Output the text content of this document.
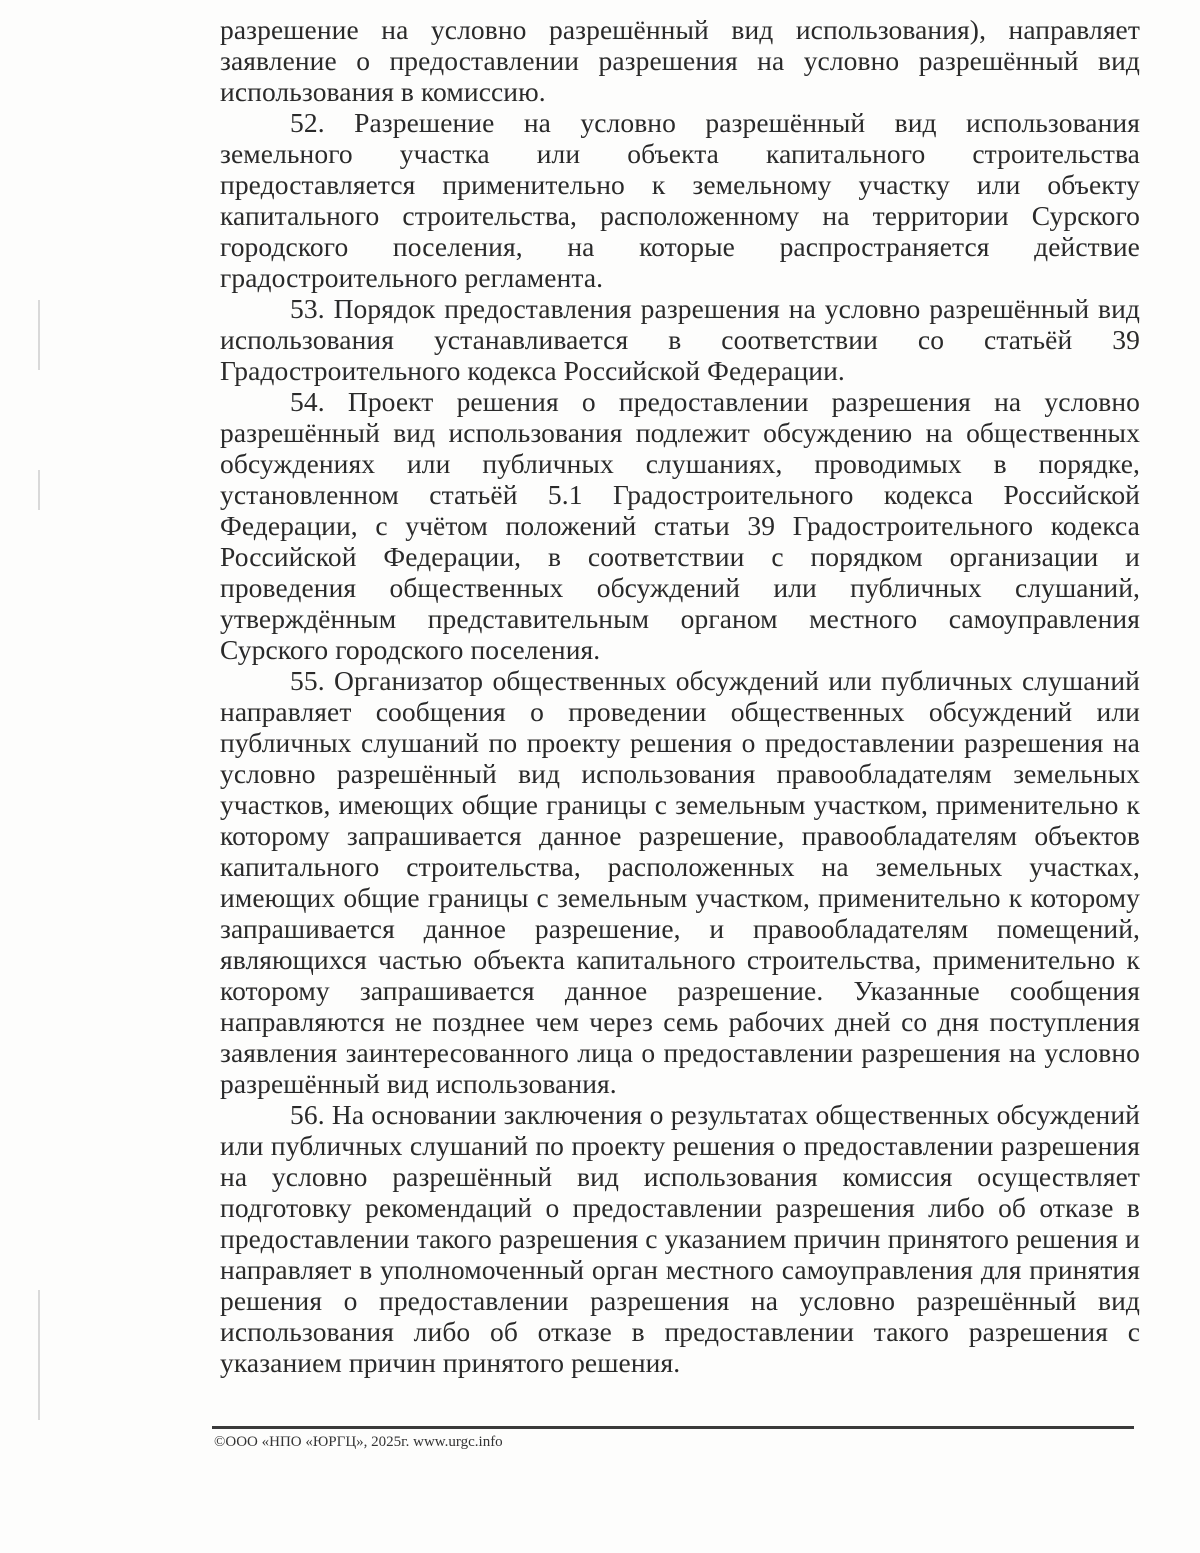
разрешение на условно разрешённый вид использования), направляет заявление о предоставлении разрешения на условно разрешённый вид использования в комиссию.

52. Разрешение на условно разрешённый вид использования земельного участка или объекта капитального строительства предоставляется применительно к земельному участку или объекту капитального строительства, расположенному на территории Сурского городского поселения, на которые распространяется действие градостроительного регламента.

53. Порядок предоставления разрешения на условно разрешённый вид использования устанавливается в соответствии со статьёй 39 Градостроительного кодекса Российской Федерации.

54. Проект решения о предоставлении разрешения на условно разрешённый вид использования подлежит обсуждению на общественных обсуждениях или публичных слушаниях, проводимых в порядке, установленном статьёй 5.1 Градостроительного кодекса Российской Федерации, с учётом положений статьи 39 Градостроительного кодекса Российской Федерации, в соответствии с порядком организации и проведения общественных обсуждений или публичных слушаний, утверждённым представительным органом местного самоуправления Сурского городского поселения.

55. Организатор общественных обсуждений или публичных слушаний направляет сообщения о проведении общественных обсуждений или публичных слушаний по проекту решения о предоставлении разрешения на условно разрешённый вид использования правообладателям земельных участков, имеющих общие границы с земельным участком, применительно к которому запрашивается данное разрешение, правообладателям объектов капитального строительства, расположенных на земельных участках, имеющих общие границы с земельным участком, применительно к которому запрашивается данное разрешение, и правообладателям помещений, являющихся частью объекта капитального строительства, применительно к которому запрашивается данное разрешение. Указанные сообщения направляются не позднее чем через семь рабочих дней со дня поступления заявления заинтересованного лица о предоставлении разрешения на условно разрешённый вид использования.

56. На основании заключения о результатах общественных обсуждений или публичных слушаний по проекту решения о предоставлении разрешения на условно разрешённый вид использования комиссия осуществляет подготовку рекомендаций о предоставлении разрешения либо об отказе в предоставлении такого разрешения с указанием причин принятого решения и направляет в уполномоченный орган местного самоуправления для принятия решения о предоставлении разрешения на условно разрешённый вид использования либо об отказе в предоставлении такого разрешения с указанием причин принятого решения.

©ООО «НПО «ЮРГЦ», 2025г. www.urgc.info
